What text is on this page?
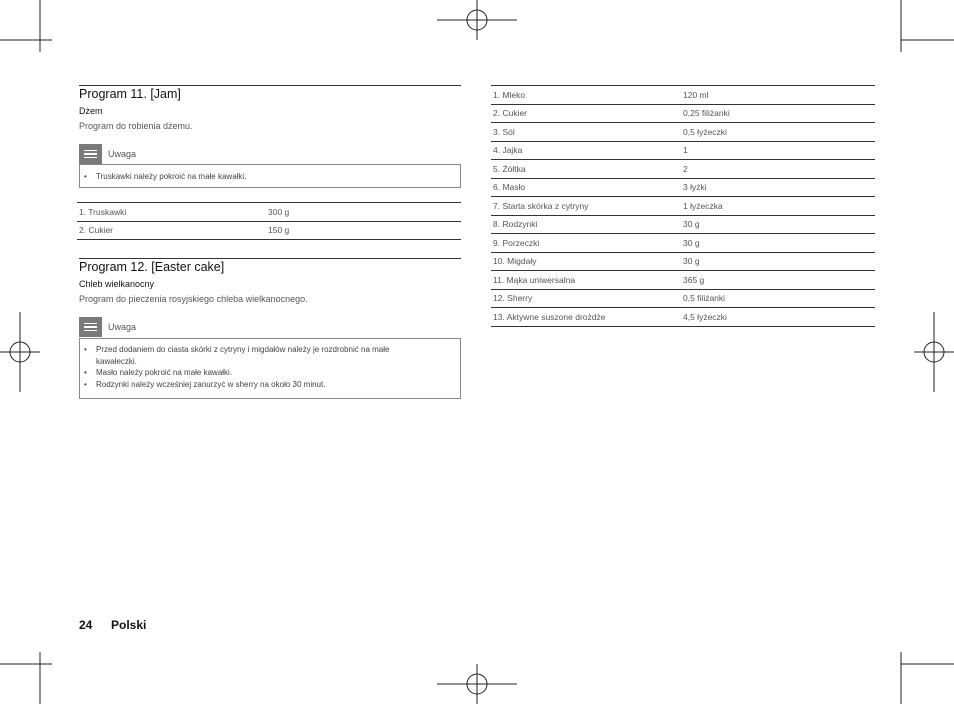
Program 11. [Jam]
Dżem
Program do robienia dżemu.
Uwaga
• Truskawki należy pokroić na małe kawałki.
1. Truskawki	300 g
2. Cukier	150 g
Program 12. [Easter cake]
Chleb wielkanocny
Program do pieczenia rosyjskiego chleba wielkanocnego.
Uwaga
• Przed dodaniem do ciasta skórki z cytryny i migdałów należy je rozdrobnić na małe kawałeczki.
• Masło należy pokroić na małe kawałki.
• Rodzynki należy wcześniej zanurzyć w sherry na około 30 minut.
1. Mleko	120 ml
2. Cukier	0,25 filiżanki
3. Sól	0,5 łyżeczki
4. Jajka	1
5. Żółtka	2
6. Masło	3 łyżki
7. Starta skórka z cytryny	1 łyżeczka
8. Rodzynki	30 g
9. Porzeczki	30 g
10. Migdały	30 g
11. Mąka uniwersalna	365 g
12. Sherry	0,5 filiżanki
13. Aktywne suszone drożdże	4,5 łyżeczki
24 Polski
